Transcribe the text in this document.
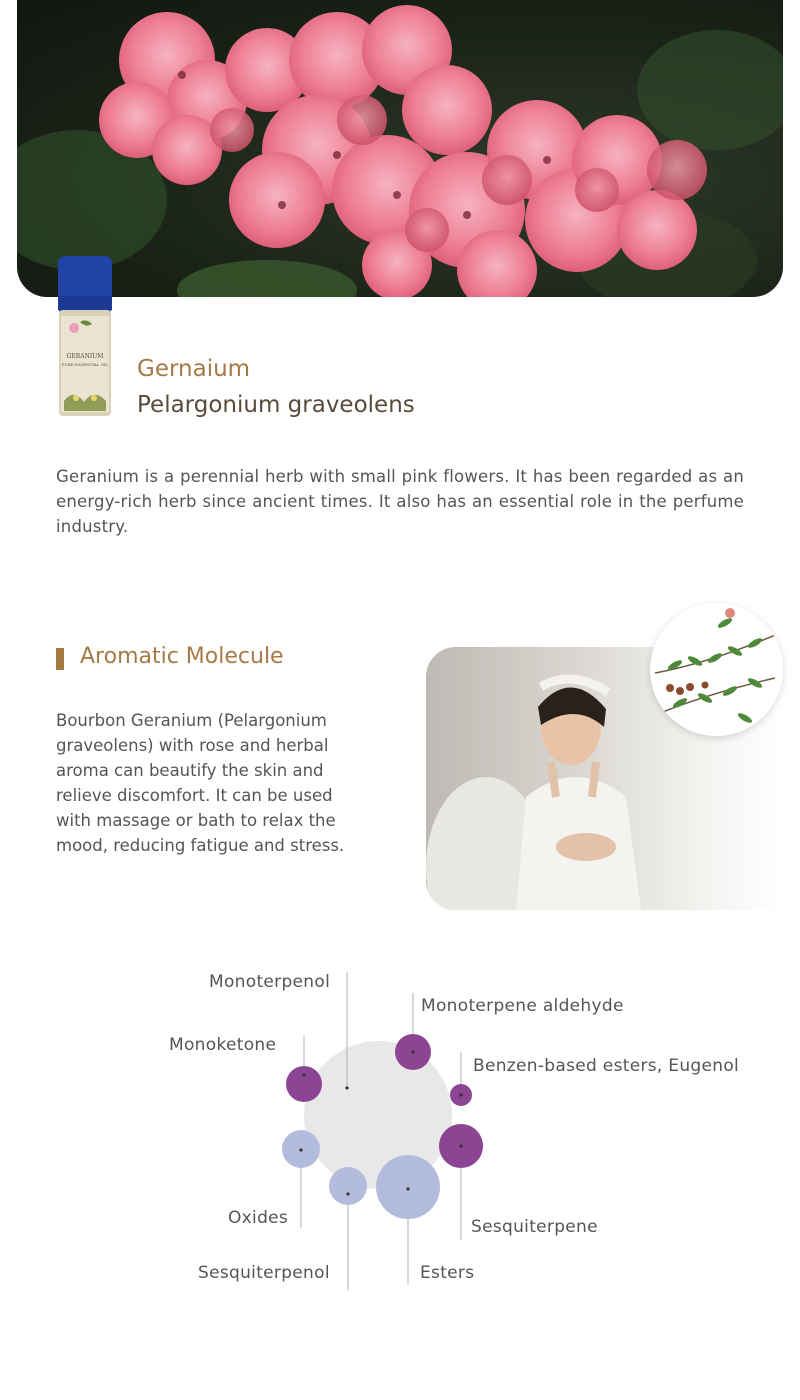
GERANIUM
PURE ESSENTIAL OIL Gernaium
Pelargonium graveolens
Geranium is a perennial herb with small pink flowers. It has been regarded as an energy-rich herb since ancient times. It also has an essential role in the perfume industry.
Aromatic Molecule
Bourbon Geranium (Pelargonium graveolens) with rose and herbal aroma can beautify the skin and relieve discomfort. It can be used with massage or bath to relax the mood, reducing fatigue and stress.
Monoterpenol
Monoterpene aldehyde
Monoketone
Benzen-based esters, Eugenol
Sesquiterpene
Oxides
Sesquiterpenol	Esters
